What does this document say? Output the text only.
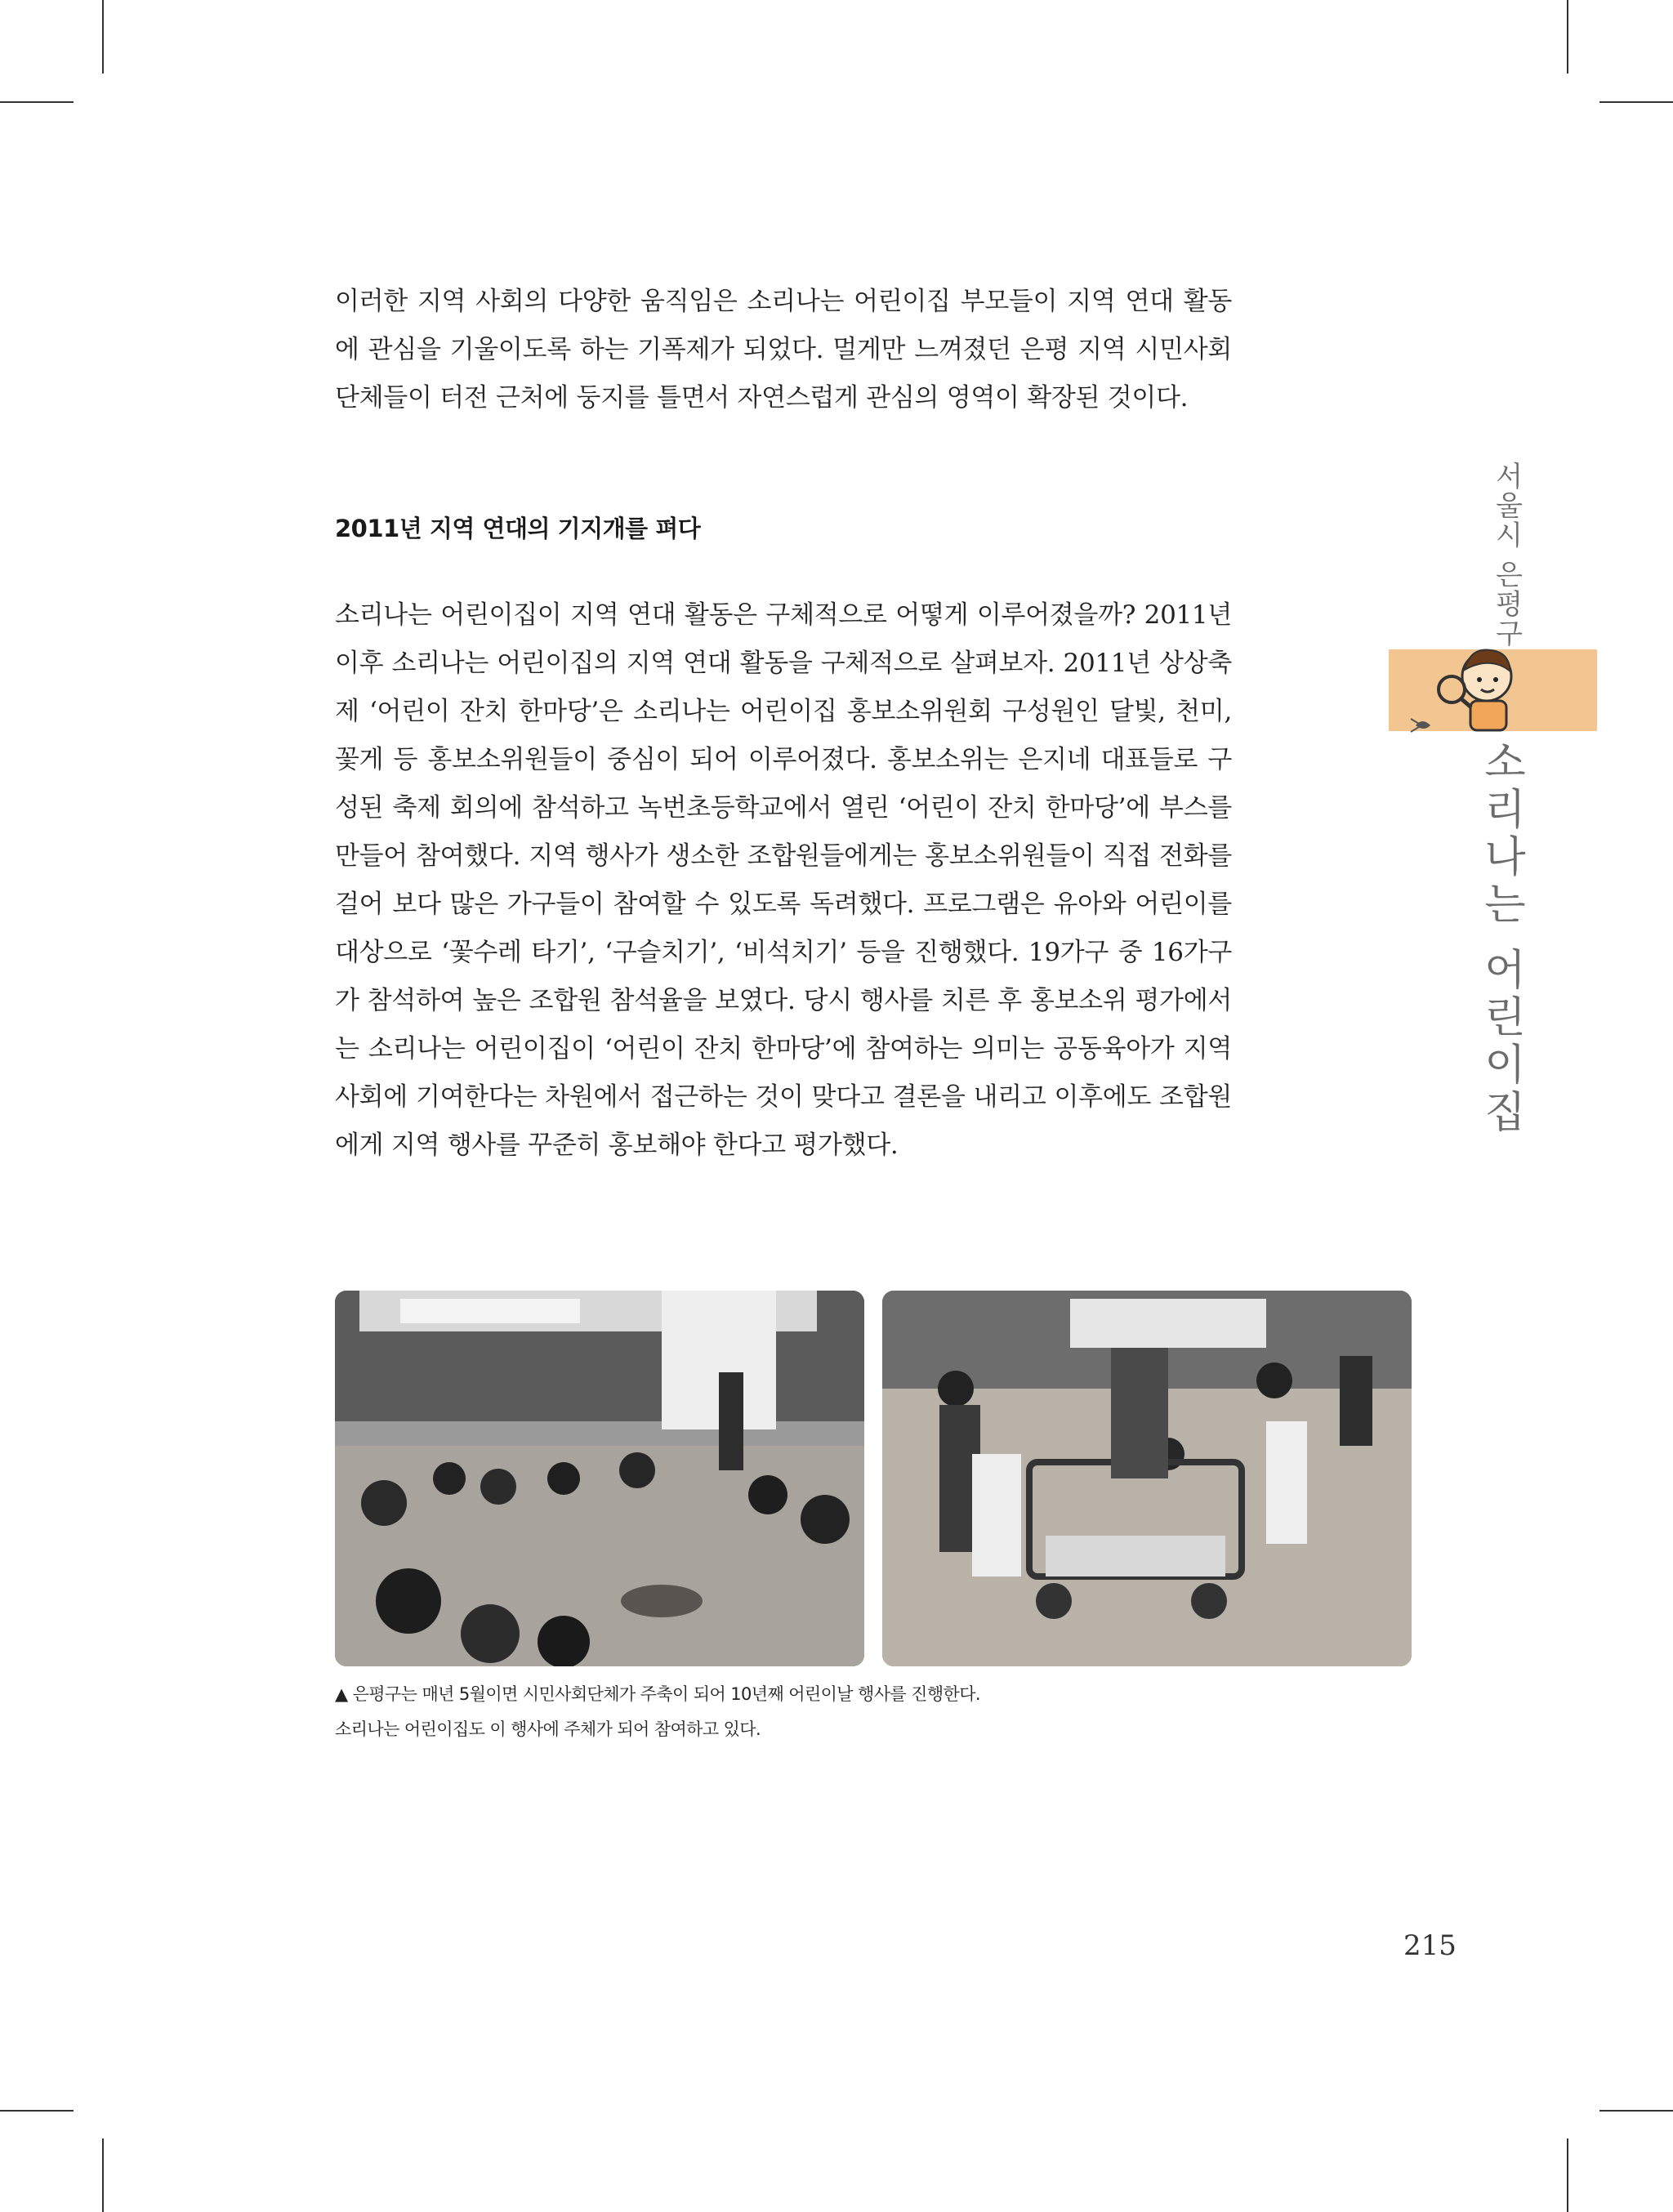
이러한 지역 사회의 다양한 움직임은 소리나는 어린이집 부모들이 지역 연대 활동에 관심을 기울이도록 하는 기폭제가 되었다. 멀게만 느껴졌던 은평 지역 시민사회단체들이 터전 근처에 둥지를 틀면서 자연스럽게 관심의 영역이 확장된 것이다.

2011년 지역 연대의 기지개를 펴다

소리나는 어린이집이 지역 연대 활동은 구체적으로 어떻게 이루어졌을까? 2011년 이후 소리나는 어린이집의 지역 연대 활동을 구체적으로 살펴보자. 2011년 상상축제 ‘어린이 잔치 한마당’은 소리나는 어린이집 홍보소위원회 구성원인 달빛, 천미, 꽃게 등 홍보소위원들이 중심이 되어 이루어졌다. 홍보소위는 은지네 대표들로 구성된 축제 회의에 참석하고 녹번초등학교에서 열린 ‘어린이 잔치 한마당’에 부스를 만들어 참여했다. 지역 행사가 생소한 조합원들에게는 홍보소위원들이 직접 전화를 걸어 보다 많은 가구들이 참여할 수 있도록 독려했다. 프로그램은 유아와 어린이를 대상으로 ‘꽃수레 타기’, ‘구슬치기’, ‘비석치기’ 등을 진행했다. 19가구 중 16가구가 참석하여 높은 조합원 참석율을 보였다. 당시 행사를 치른 후 홍보소위 평가에서는 소리나는 어린이집이 ‘어린이 잔치 한마당’에 참여하는 의미는 공동육아가 지역사회에 기여한다는 차원에서 접근하는 것이 맞다고 결론을 내리고 이후에도 조합원에게 지역 행사를 꾸준히 홍보해야 한다고 평가했다.

서울시 은평구

소리나는 어린이집

▲ 은평구는 매년 5월이면 시민사회단체가 주축이 되어 10년째 어린이날 행사를 진행한다.

소리나는 어린이집도 이 행사에 주체가 되어 참여하고 있다.

215
